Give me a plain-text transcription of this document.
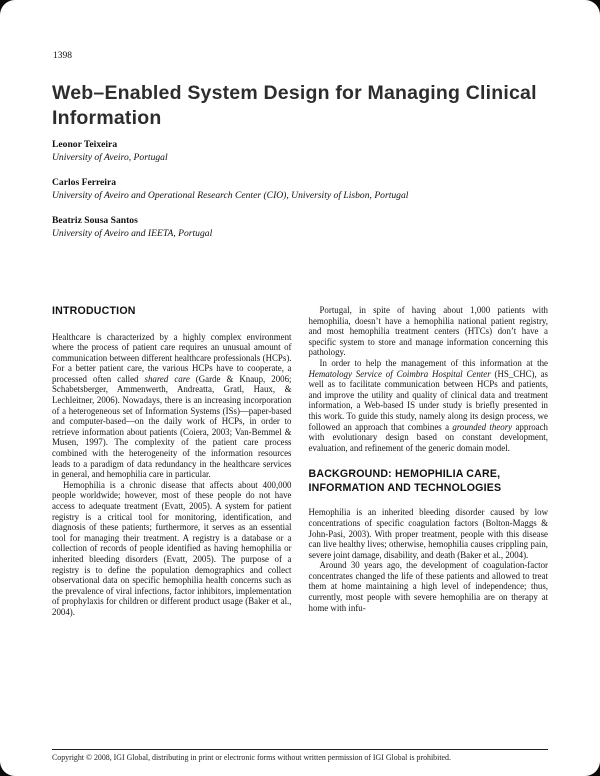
1398
Web–Enabled System Design for Managing Clinical Information
Leonor Teixeira
University of Aveiro, Portugal
Carlos Ferreira
University of Aveiro and Operational Research Center (CIO), University of Lisbon, Portugal
Beatriz Sousa Santos
University of Aveiro and IEETA, Portugal
INTRODUCTION

Healthcare is characterized by a highly complex environment where the process of patient care requires an unusual amount of communication between different healthcare professionals (HCPs). For a better patient care, the various HCPs have to cooperate, a processed often called shared care (Garde & Knaup, 2006; Schabetsberger, Ammenwerth, Andreatta, Gratl, Haux, & Lechleitner, 2006). Nowadays, there is an increasing incorporation of a heterogeneous set of Information Systems (ISs)—paper-based and computer-based—on the daily work of HCPs, in order to retrieve information about patients (Coiera, 2003; Van-Bemmel & Musen, 1997). The complexity of the patient care process combined with the heterogeneity of the information resources leads to a paradigm of data redundancy in the healthcare services in general, and hemophilia care in particular.

Hemophilia is a chronic disease that affects about 400,000 people worldwide; however, most of these people do not have access to adequate treatment (Evatt, 2005). A system for patient registry is a critical tool for monitoring, identification, and diagnosis of these patients; furthermore, it serves as an essential tool for managing their treatment. A registry is a database or a collection of records of people identified as having hemophilia or inherited bleeding disorders (Evatt, 2005). The purpose of a registry is to define the population demographics and collect observational data on specific hemophilia health concerns such as the prevalence of viral infections, factor inhibitors, implementation of prophylaxis for children or different product usage (Baker et al., 2004).

Portugal, in spite of having about 1,000 patients with hemophilia, doesn’t have a hemophilia national patient registry, and most hemophilia treatment centers (HTCs) don’t have a specific system to store and manage information concerning this pathology.

In order to help the management of this information at the Hematology Service of Coimbra Hospital Center (HS_CHC), as well as to facilitate communication between HCPs and patients, and improve the utility and quality of clinical data and treatment information, a Web-based IS under study is briefly presented in this work. To guide this study, namely along its design process, we followed an approach that combines a grounded theory approach with evolutionary design based on constant development, evaluation, and refinement of the generic domain model.

BACKGROUND: HEMOPHILIA CARE, INFORMATION AND TECHNOLOGIES

Hemophilia is an inherited bleeding disorder caused by low concentrations of specific coagulation factors (Bolton-Maggs & John-Pasi, 2003). With proper treatment, people with this disease can live healthy lives; otherwise, hemophilia causes crippling pain, severe joint damage, disability, and death (Baker et al., 2004).

Around 30 years ago, the development of coagulation-factor concentrates changed the life of these patients and allowed to treat them at home maintaining a high level of independence; thus, currently, most people with severe hemophilia are on therapy at home with infu-

Copyright © 2008, IGI Global, distributing in print or electronic forms without written permission of IGI Global is prohibited.
